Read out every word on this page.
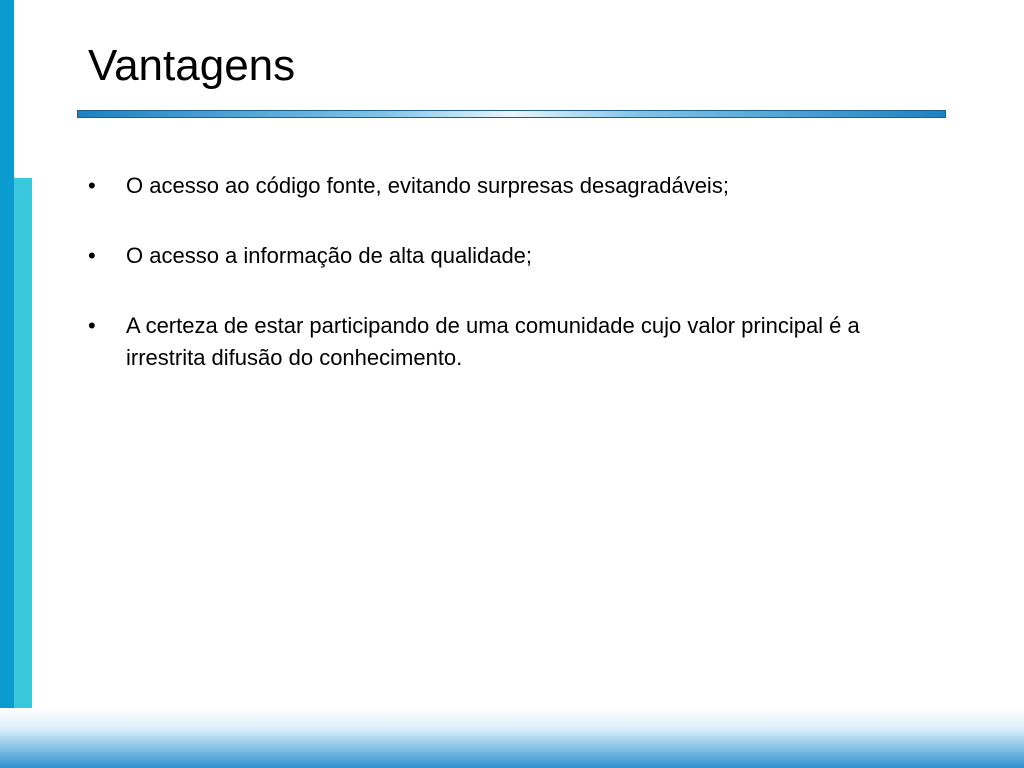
Vantagens
• O acesso ao código fonte, evitando surpresas desagradáveis;
• O acesso a informação de alta qualidade;
• A certeza de estar participando de uma comunidade cujo valor principal é a irrestrita difusão do conhecimento.
